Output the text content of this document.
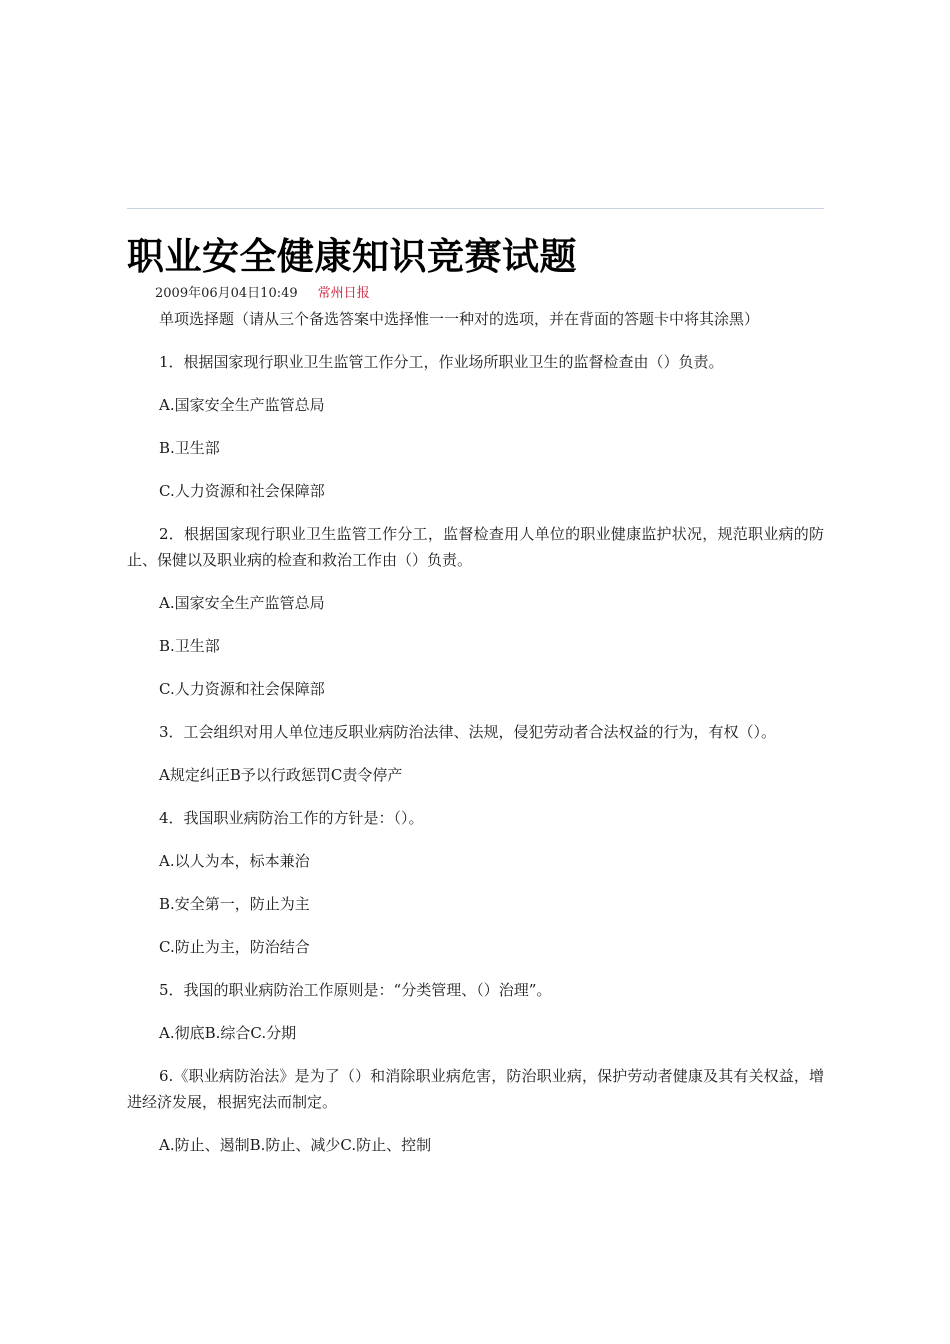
职业安全健康知识竞赛试题
2009年06月04日10:49 常州日报

单项选择题（请从三个备选答案中选择惟一一种对的选项，并在背面的答题卡中将其涂黑）

1．根据国家现行职业卫生监管工作分工，作业场所职业卫生的监督检查由（）负责。

A.国家安全生产监管总局

B.卫生部

C.人力资源和社会保障部

2．根据国家现行职业卫生监管工作分工，监督检查用人单位的职业健康监护状况，规范职业病的防止、保健以及职业病的检查和救治工作由（）负责。

A.国家安全生产监管总局

B.卫生部

C.人力资源和社会保障部

3．工会组织对用人单位违反职业病防治法律、法规，侵犯劳动者合法权益的行为，有权（）。

A规定纠正B予以行政惩罚C责令停产

4．我国职业病防治工作的方针是：（）。

A.以人为本，标本兼治

B.安全第一，防止为主

C.防止为主，防治结合

5．我国的职业病防治工作原则是：“分类管理、（）治理”。

A.彻底B.综合C.分期

6.《职业病防治法》是为了（）和消除职业病危害，防治职业病，保护劳动者健康及其有关权益，增进经济发展，根据宪法而制定。

A.防止、遏制B.防止、减少C.防止、控制
